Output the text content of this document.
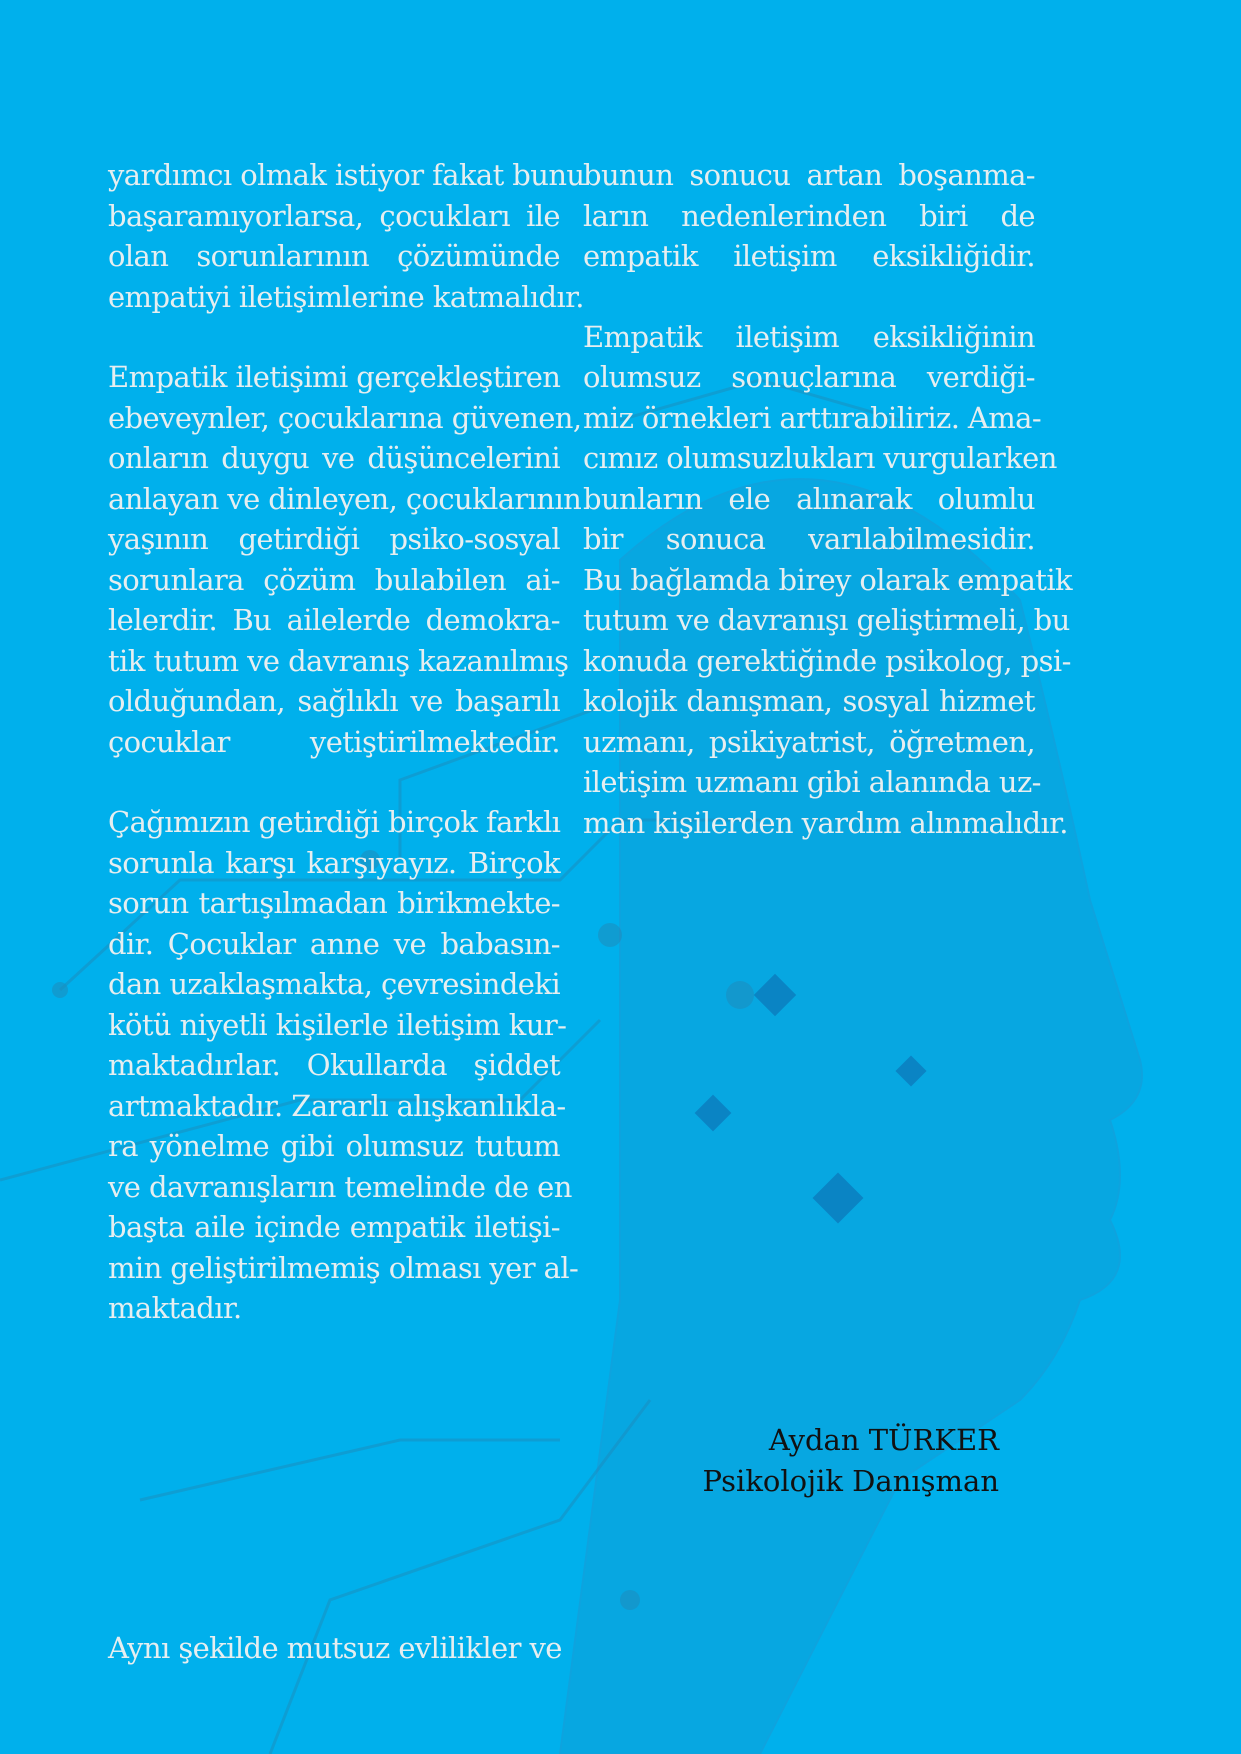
yardımcı olmak istiyor fakat bunu
başaramıyorlarsa, çocukları ile
olan sorunlarının çözümünde
empatiyi iletişimlerine katmalıdır.
Empatik iletişimi gerçekleştiren
ebeveynler, çocuklarına güvenen,
onların duygu ve düşüncelerini
anlayan ve dinleyen, çocuklarının
yaşının getirdiği psiko-sosyal
sorunlara çözüm bulabilen ai-
lelerdir. Bu ailelerde demokra-
tik tutum ve davranış kazanılmış
olduğundan, sağlıklı ve başarılı
çocuklar yetiştirilmektedir.
Çağımızın getirdiği birçok farklı
sorunla karşı karşıyayız. Birçok
sorun tartışılmadan birikmekte-
dir. Çocuklar anne ve babasın-
dan uzaklaşmakta, çevresindeki
kötü niyetli kişilerle iletişim kur-
maktadırlar. Okullarda şiddet
artmaktadır. Zararlı alışkanlıkla-
ra yönelme gibi olumsuz tutum
ve davranışların temelinde de en
başta aile içinde empatik iletişi-
min geliştirilmemiş olması yer al-
maktadır.
bunun sonucu artan boşanma-
ların nedenlerinden biri de
empatik iletişim eksikliğidir.
Empatik iletişim eksikliğinin
olumsuz sonuçlarına verdiği-
miz örnekleri arttırabiliriz. Ama-
cımız olumsuzlukları vurgularken
bunların ele alınarak olumlu
bir sonuca varılabilmesidir.
Bu bağlamda birey olarak empatik
tutum ve davranışı geliştirmeli, bu
konuda gerektiğinde psikolog, psi-
kolojik danışman, sosyal hizmet
uzmanı, psikiyatrist, öğretmen,
iletişim uzmanı gibi alanında uz-
man kişilerden yardım alınmalıdır.
Aydan TÜRKER
Psikolojik Danışman
Aynı şekilde mutsuz evlilikler ve
